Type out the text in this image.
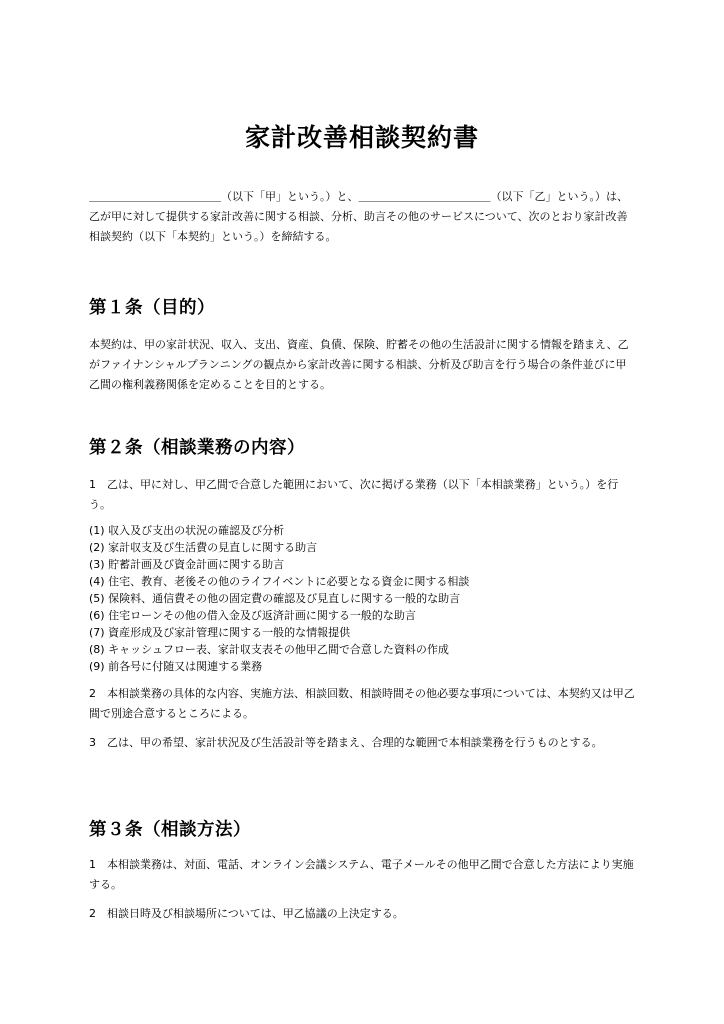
家計改善相談契約書

＿＿＿＿＿＿＿＿＿＿＿＿（以下「甲」という。）と、＿＿＿＿＿＿＿＿＿＿＿＿（以下「乙」という。）は、乙が甲に対して提供する家計改善に関する相談、分析、助言その他のサービスについて、次のとおり家計改善相談契約（以下「本契約」という。）を締結する。

第１条（目的）

本契約は、甲の家計状況、収入、支出、資産、負債、保険、貯蓄その他の生活設計に関する情報を踏まえ、乙がファイナンシャルプランニングの観点から家計改善に関する相談、分析及び助言を行う場合の条件並びに甲乙間の権利義務関係を定めることを目的とする。

第２条（相談業務の内容）

1　乙は、甲に対し、甲乙間で合意した範囲において、次に掲げる業務（以下「本相談業務」という。）を行う。

(1) 収入及び支出の状況の確認及び分析
(2) 家計収支及び生活費の見直しに関する助言
(3) 貯蓄計画及び資金計画に関する助言
(4) 住宅、教育、老後その他のライフイベントに必要となる資金に関する相談
(5) 保険料、通信費その他の固定費の確認及び見直しに関する一般的な助言
(6) 住宅ローンその他の借入金及び返済計画に関する一般的な助言
(7) 資産形成及び家計管理に関する一般的な情報提供
(8) キャッシュフロー表、家計収支表その他甲乙間で合意した資料の作成
(9) 前各号に付随又は関連する業務

2　本相談業務の具体的な内容、実施方法、相談回数、相談時間その他必要な事項については、本契約又は甲乙間で別途合意するところによる。

3　乙は、甲の希望、家計状況及び生活設計等を踏まえ、合理的な範囲で本相談業務を行うものとする。

第３条（相談方法）

1　本相談業務は、対面、電話、オンライン会議システム、電子メールその他甲乙間で合意した方法により実施する。

2　相談日時及び相談場所については、甲乙協議の上決定する。
